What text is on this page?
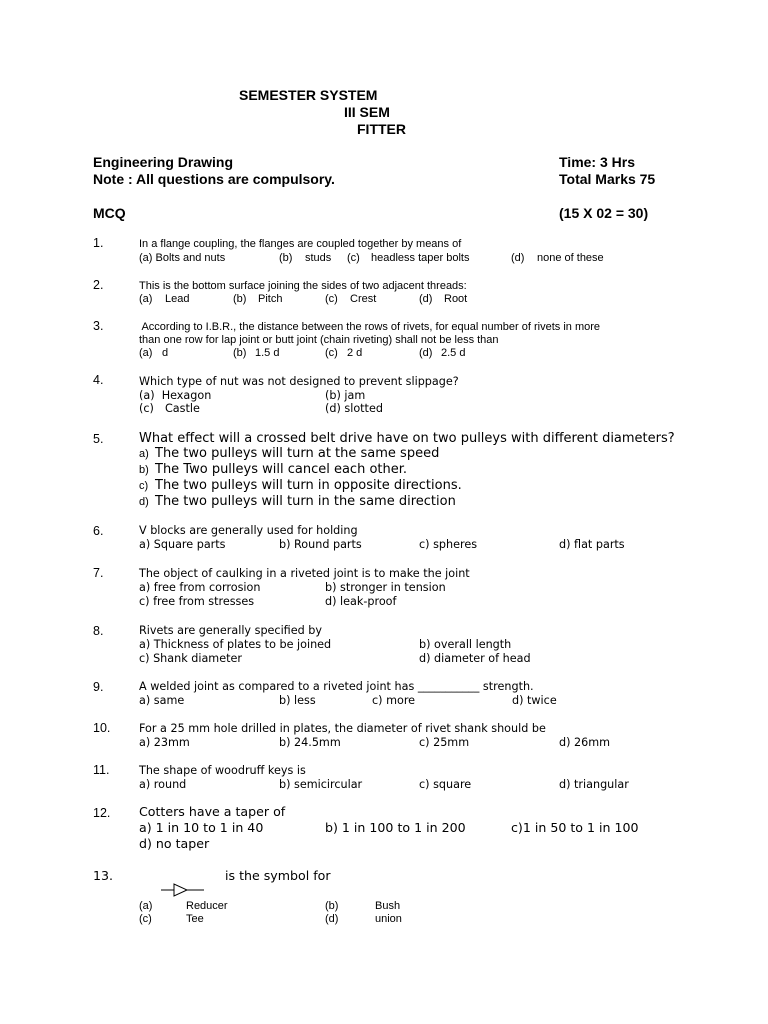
SEMESTER SYSTEM
III SEM
FITTER
Engineering Drawing	Time: 3 Hrs
Note : All questions are compulsory.	Total Marks 75
MCQ	(15 X 02 = 30)
1.	In a flange coupling, the flanges are coupled together by means of
(a) Bolts and nuts	(b) studs (c) headless taper bolts	(d) none of these
2.	This is the bottom surface joining the sides of two adjacent threads:
(a) Lead	(b) Pitch	(c) Crest	(d) Root
3.	According to I.B.R., the distance between the rows of rivets, for equal number of rivets in more
than one row for lap joint or butt joint (chain riveting) shall not be less than
(a) d	(b) 1.5 d	(c) 2 d	(d) 2.5 d
4.	Which type of nut was not designed to prevent slippage?
(a)  Hexagon	(b) jam
(c) Castle	(d) slotted
5.	What effect will a crossed belt drive have on two pulleys with different diameters?
a) The two pulleys will turn at the same speed
b) The Two pulleys will cancel each other.
c) The two pulleys will turn in opposite directions.
d) The two pulleys will turn in the same direction
6.	V blocks are generally used for holding
a) Square parts	b) Round parts	c) spheres	d) flat parts
7.	The object of caulking in a riveted joint is to make the joint
a) free from corrosion	b) stronger in tension
c) free from stresses	d) leak-proof
8.	Rivets are generally specified by
a) Thickness of plates to be joined	b) overall length
c) Shank diameter	d) diameter of head
9.	A welded joint as compared to a riveted joint has ___________ strength.
a) same	b) less	c) more	d) twice
10.	For a 25 mm hole drilled in plates, the diameter of rivet shank should be
a) 23mm	b) 24.5mm	c) 25mm	d) 26mm
11.	The shape of woodruff keys is
a) round	b) semicircular	c) square	d) triangular
12. Cotters have a taper of
a) 1 in 10 to 1 in 40	b) 1 in 100 to 1 in 200	c)1 in 50 to 1 in 100
d) no taper
13.	is the symbol for
(a)	Reducer	(b)	Bush
(c)	Tee	(d)	union
